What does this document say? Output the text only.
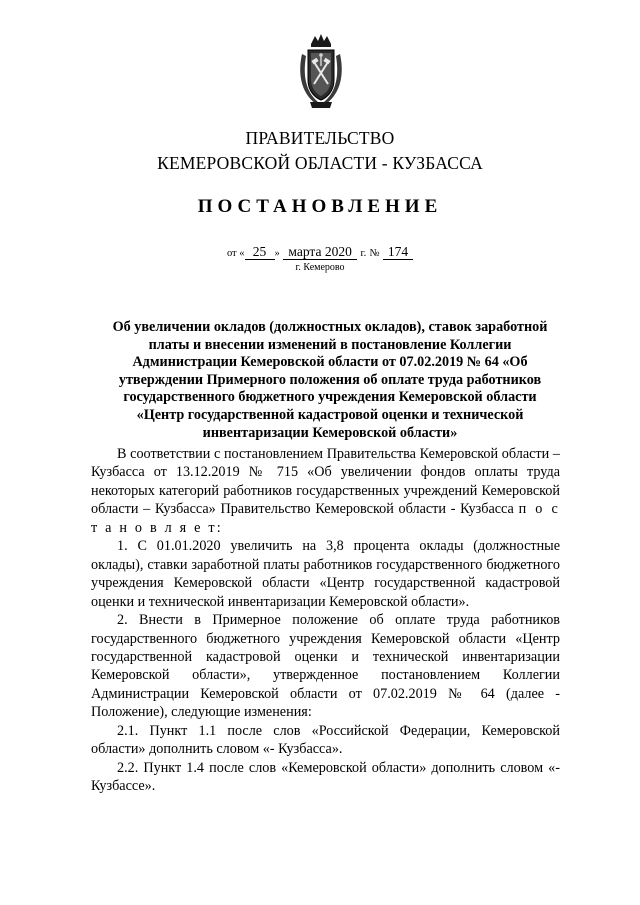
ПРАВИТЕЛЬСТВО
КЕМЕРОВСКОЙ ОБЛАСТИ - КУЗБАССА
ПОСТАНОВЛЕНИЕ
от « 25 » марта 2020 г. № 174
г. Кемерово
Об увеличении окладов (должностных окладов), ставок заработной
платы и внесении изменений в постановление Коллегии
Администрации Кемеровской области от 07.02.2019 № 64 «Об
утверждении Примерного положения об оплате труда работников
государственного бюджетного учреждения Кемеровской области
«Центр государственной кадастровой оценки и технической
инвентаризации Кемеровской области»

В соответствии с постановлением Правительства Кемеровской области – Кузбасса от 13.12.2019 № 715 «Об увеличении фондов оплаты труда некоторых категорий работников государственных учреждений Кемеровской области – Кузбасса» Правительство Кемеровской области - Кузбасса п о с т а н о в л я е т:

1. С 01.01.2020 увеличить на 3,8 процента оклады (должностные оклады), ставки заработной платы работников государственного бюджетного учреждения Кемеровской области «Центр государственной кадастровой оценки и технической инвентаризации Кемеровской области».

2. Внести в Примерное положение об оплате труда работников государственного бюджетного учреждения Кемеровской области «Центр государственной кадастровой оценки и технической инвентаризации Кемеровской области», утвержденное постановлением Коллегии Администрации Кемеровской области от 07.02.2019 № 64 (далее - Положение), следующие изменения:

2.1. Пункт 1.1 после слов «Российской Федерации, Кемеровской области» дополнить словом «- Кузбасса».

2.2. Пункт 1.4 после слов «Кемеровской области» дополнить словом «- Кузбассе».
